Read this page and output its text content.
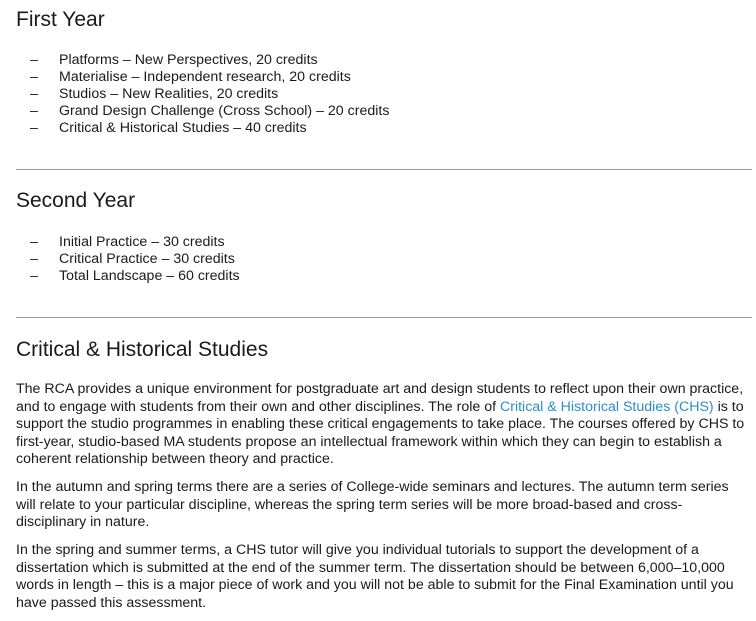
First Year
– Platforms – New Perspectives, 20 credits
– Materialise – Independent research, 20 credits
– Studios – New Realities, 20 credits
– Grand Design Challenge (Cross School) – 20 credits
– Critical & Historical Studies – 40 credits
Second Year
– Initial Practice – 30 credits
– Critical Practice – 30 credits
– Total Landscape – 60 credits
Critical & Historical Studies

The RCA provides a unique environment for postgraduate art and design students to reflect upon their own practice, and to engage with students from their own and other disciplines. The role of Critical & Historical Studies (CHS) is to support the studio programmes in enabling these critical engagements to take place. The courses offered by CHS to first-year, studio-based MA students propose an intellectual framework within which they can begin to establish a coherent relationship between theory and practice.

In the autumn and spring terms there are a series of College-wide seminars and lectures. The autumn term series will relate to your particular discipline, whereas the spring term series will be more broad-based and cross-disciplinary in nature.

In the spring and summer terms, a CHS tutor will give you individual tutorials to support the development of a dissertation which is submitted at the end of the summer term. The dissertation should be between 6,000–10,000 words in length – this is a major piece of work and you will not be able to submit for the Final Examination until you have passed this assessment.
